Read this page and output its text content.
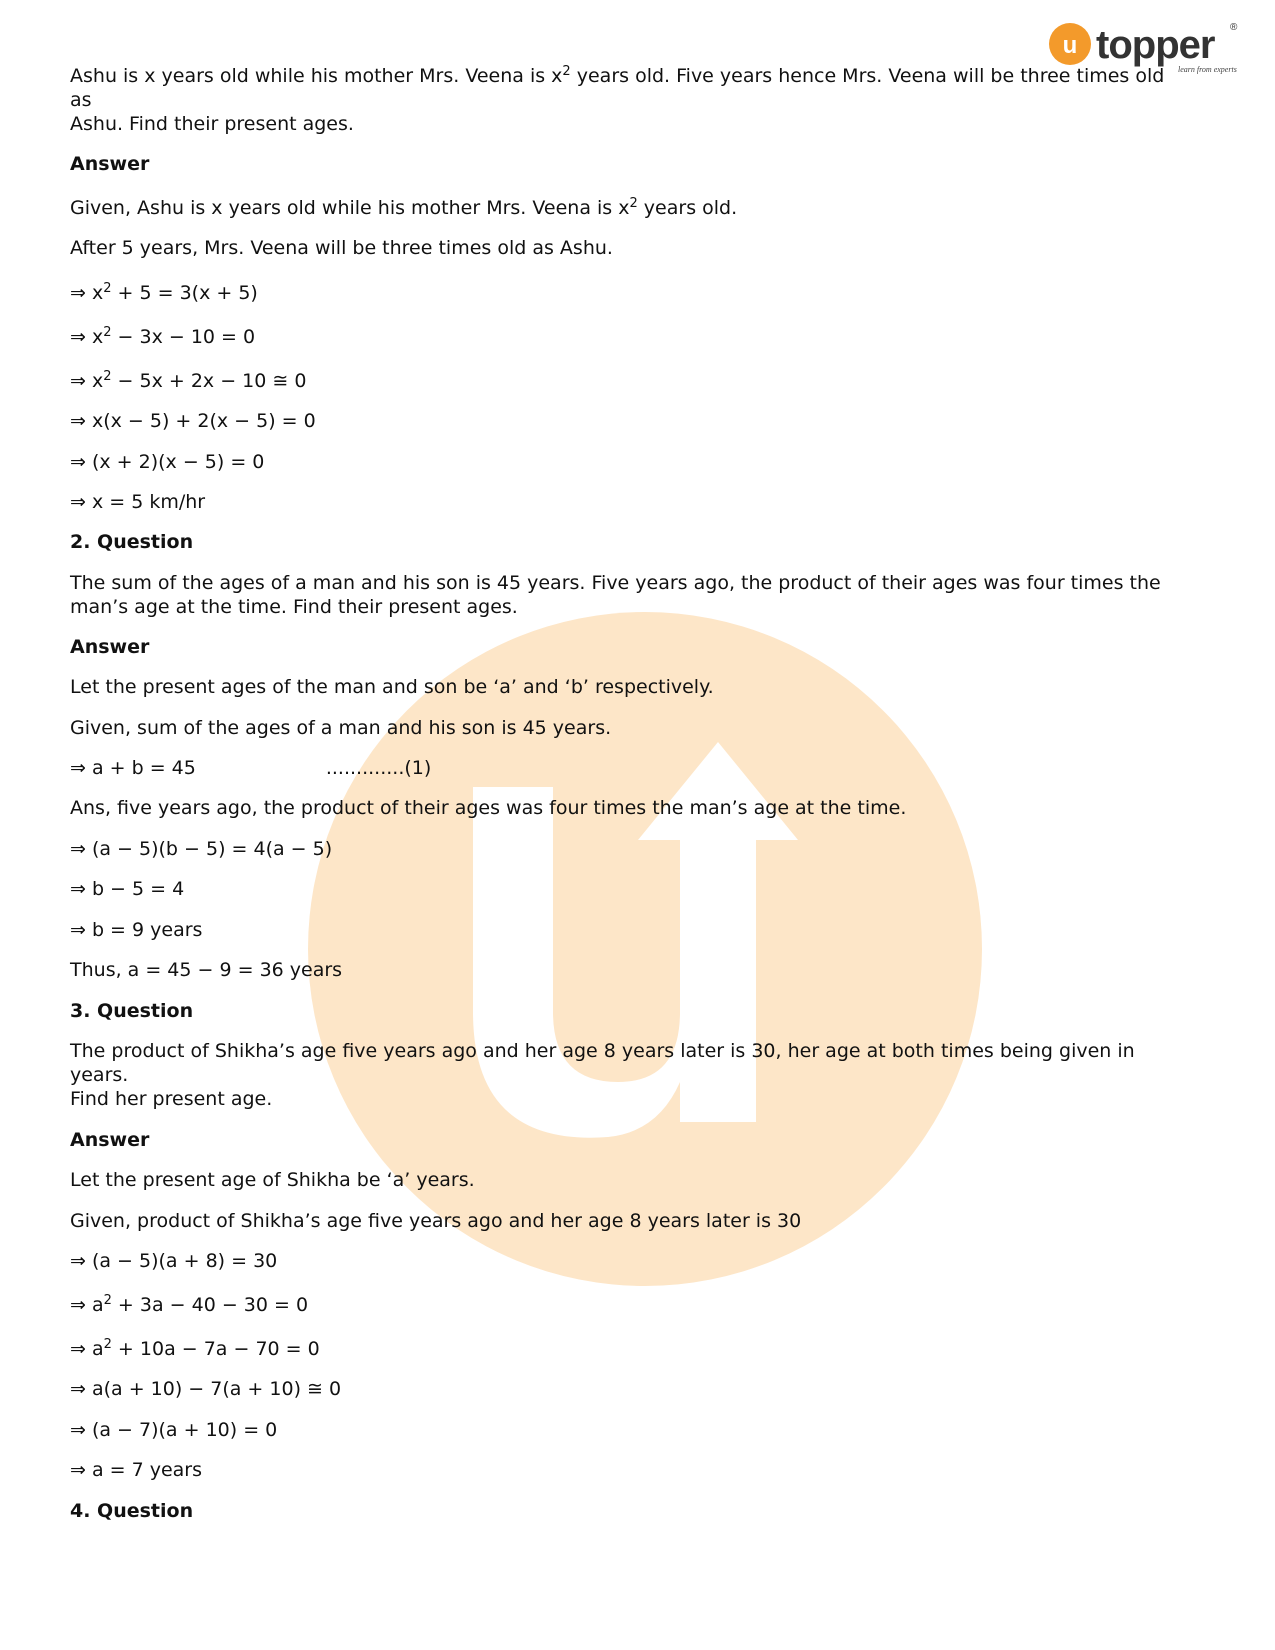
u topper
learn from experts
®
Ashu is x years old while his mother Mrs. Veena is $x^2$ years old. Five years hence Mrs. Veena will be three times old as
Ashu. Find their present ages.
Answer
Given, Ashu is x years old while his mother Mrs. Veena is $x^2$ years old.
After 5 years, Mrs. Veena will be three times old as Ashu.
⇒ $x^2 + 5 = 3(x + 5)$
⇒ $x^2 - 3x - 10 = 0$
⇒ $x^2 - 5x + 2x - 10$ ≅ 0
⇒ x(x − 5) + 2(x − 5) = 0
⇒ (x + 2)(x − 5) = 0
⇒ x = 5 km/hr
2. Question
The sum of the ages of a man and his son is 45 years. Five years ago, the product of their ages was four times the
man’s age at the time. Find their present ages.
Answer
Let the present ages of the man and son be ‘a’ and ‘b’ respectively.
Given, sum of the ages of a man and his son is 45 years.
⇒ a + b = 45	.............(1)
Ans, five years ago, the product of their ages was four times the man’s age at the time.
⇒ (a − 5)(b − 5) = 4(a − 5)
⇒ b − 5 = 4
⇒ b = 9 years
Thus, a = 45 − 9 = 36 years
3. Question
The product of Shikha’s age five years ago and her age 8 years later is 30, her age at both times being given in years.
Find her present age.
Answer
Let the present age of Shikha be ‘a’ years.
Given, product of Shikha’s age five years ago and her age 8 years later is 30
⇒ (a − 5)(a + 8) = 30
⇒ $a^2 + 3a - 40 - 30 = 0$
⇒ $a^2 + 10a - 7a - 70 = 0$
⇒ a(a + 10) − 7(a + 10) ≅ 0
⇒ (a − 7)(a + 10) = 0
⇒ a = 7 years
4. Question
